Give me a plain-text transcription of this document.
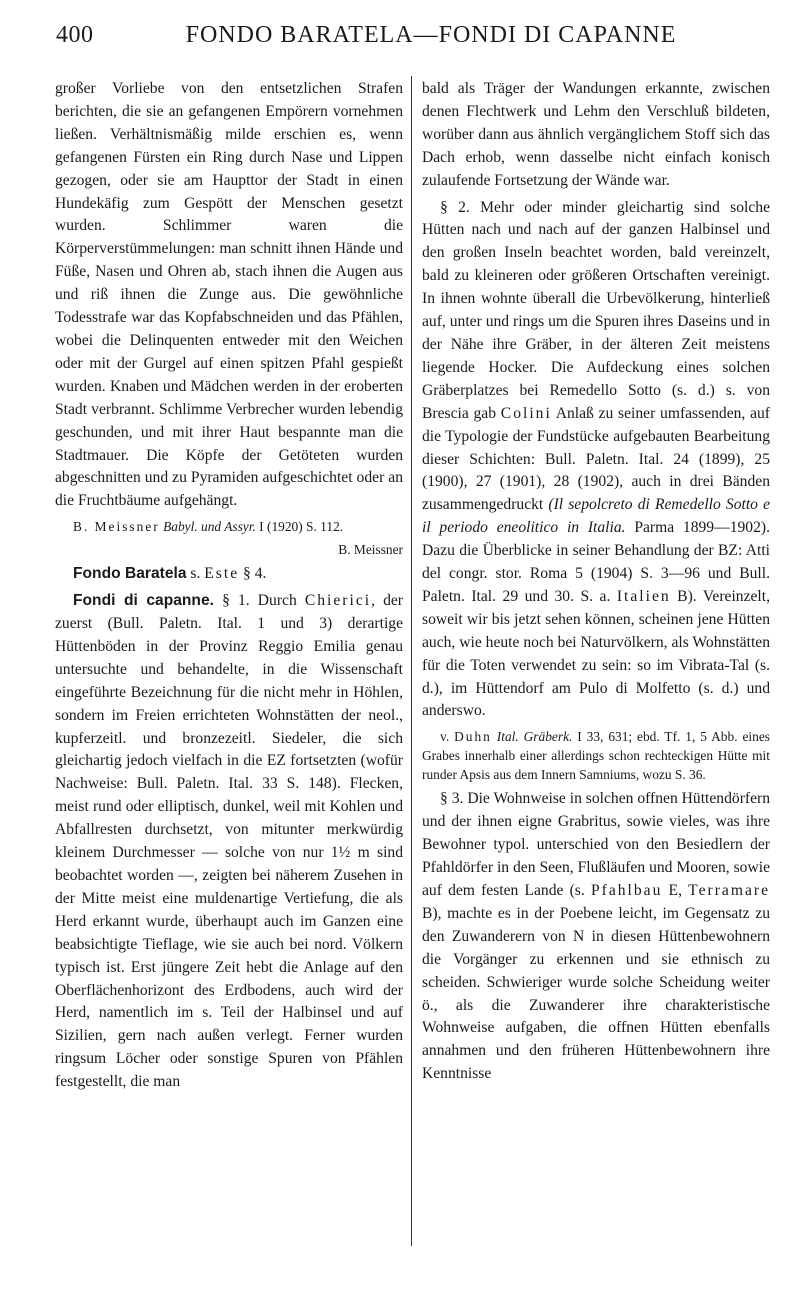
400	FONDO BARATELA—FONDI DI CAPANNE

großer Vorliebe von den entsetzlichen Strafen berichten, die sie an gefangenen Empörern vornehmen ließen. Verhältnismäßig milde erschien es, wenn gefangenen Fürsten ein Ring durch Nase und Lippen gezogen, oder sie am Haupttor der Stadt in einen Hundekäfig zum Gespött der Menschen gesetzt wurden. Schlimmer waren die Körperverstümmelungen: man schnitt ihnen Hände und Füße, Nasen und Ohren ab, stach ihnen die Augen aus und riß ihnen die Zunge aus. Die gewöhnliche Todesstrafe war das Kopfabschneiden und das Pfählen, wobei die Delinquenten entweder mit den Weichen oder mit der Gurgel auf einen spitzen Pfahl gespießt wurden. Knaben und Mädchen werden in der eroberten Stadt verbrannt. Schlimme Verbrecher wurden lebendig geschunden, und mit ihrer Haut bespannte man die Stadtmauer. Die Köpfe der Getöteten wurden abgeschnitten und zu Pyramiden aufgeschichtet oder an die Fruchtbäume aufgehängt.

B. Meissner Babyl. und Assyr. I (1920) S. 112.

B. Meissner

Fondo Baratela s. Este § 4.

Fondi di capanne. § 1. Durch Chierici, der zuerst (Bull. Paletn. Ital. 1 und 3) derartige Hüttenböden in der Provinz Reggio Emilia genau untersuchte und behandelte, in die Wissenschaft eingeführte Bezeichnung für die nicht mehr in Höhlen, sondern im Freien errichteten Wohnstätten der neol., kupferzeitl. und bronzezeitl. Siedeler, die sich gleichartig jedoch vielfach in die EZ fortsetzten (wofür Nachweise: Bull. Paletn. Ital. 33 S. 148). Flecken, meist rund oder elliptisch, dunkel, weil mit Kohlen und Abfallresten durchsetzt, von mitunter merkwürdig kleinem Durchmesser — solche von nur 1½ m sind beobachtet worden —, zeigten bei näherem Zusehen in der Mitte meist eine muldenartige Vertiefung, die als Herd erkannt wurde, überhaupt auch im Ganzen eine beabsichtigte Tieflage, wie sie auch bei nord. Völkern typisch ist. Erst jüngere Zeit hebt die Anlage auf den Oberflächenhorizont des Erdbodens, auch wird der Herd, namentlich im s. Teil der Halbinsel und auf Sizilien, gern nach außen verlegt. Ferner wurden ringsum Löcher oder sonstige Spuren von Pfählen festgestellt, die man

bald als Träger der Wandungen erkannte, zwischen denen Flechtwerk und Lehm den Verschluß bildeten, worüber dann aus ähnlich vergänglichem Stoff sich das Dach erhob, wenn dasselbe nicht einfach konisch zulaufende Fortsetzung der Wände war.

§ 2. Mehr oder minder gleichartig sind solche Hütten nach und nach auf der ganzen Halbinsel und den großen Inseln beachtet worden, bald vereinzelt, bald zu kleineren oder größeren Ortschaften vereinigt. In ihnen wohnte überall die Urbevölkerung, hinterließ auf, unter und rings um die Spuren ihres Daseins und in der Nähe ihre Gräber, in der älteren Zeit meistens liegende Hocker. Die Aufdeckung eines solchen Gräberplatzes bei Remedello Sotto (s. d.) s. von Brescia gab Colini Anlaß zu seiner umfassenden, auf die Typologie der Fundstücke aufgebauten Bearbeitung dieser Schichten: Bull. Paletn. Ital. 24 (1899), 25 (1900), 27 (1901), 28 (1902), auch in drei Bänden zusammengedruckt (Il sepolcreto di Remedello Sotto e il periodo eneolitico in Italia. Parma 1899—1902). Dazu die Überblicke in seiner Behandlung der BZ: Atti del congr. stor. Roma 5 (1904) S. 3—96 und Bull. Paletn. Ital. 29 und 30. S. a. Italien B). Vereinzelt, soweit wir bis jetzt sehen können, scheinen jene Hütten auch, wie heute noch bei Naturvölkern, als Wohnstätten für die Toten verwendet zu sein: so im Vibrata-Tal (s. d.), im Hüttendorf am Pulo di Molfetto (s. d.) und anderswo.

v. Duhn Ital. Gräberk. I 33, 631; ebd. Tf. 1, 5 Abb. eines Grabes innerhalb einer allerdings schon rechteckigen Hütte mit runder Apsis aus dem Innern Samniums, wozu S. 36.

§ 3. Die Wohnweise in solchen offnen Hüttendörfern und der ihnen eigne Grabritus, sowie vieles, was ihre Bewohner typol. unterschied von den Besiedlern der Pfahldörfer in den Seen, Flußläufen und Mooren, sowie auf dem festen Lande (s. Pfahlbau E, Terramare B), machte es in der Poebene leicht, im Gegensatz zu den Zuwanderern von N in diesen Hüttenbewohnern die Vorgänger zu erkennen und sie ethnisch zu scheiden. Schwieriger wurde solche Scheidung weiter ö., als die Zuwanderer ihre charakteristische Wohnweise aufgaben, die offnen Hütten ebenfalls annahmen und den früheren Hüttenbewohnern ihre Kenntnisse
